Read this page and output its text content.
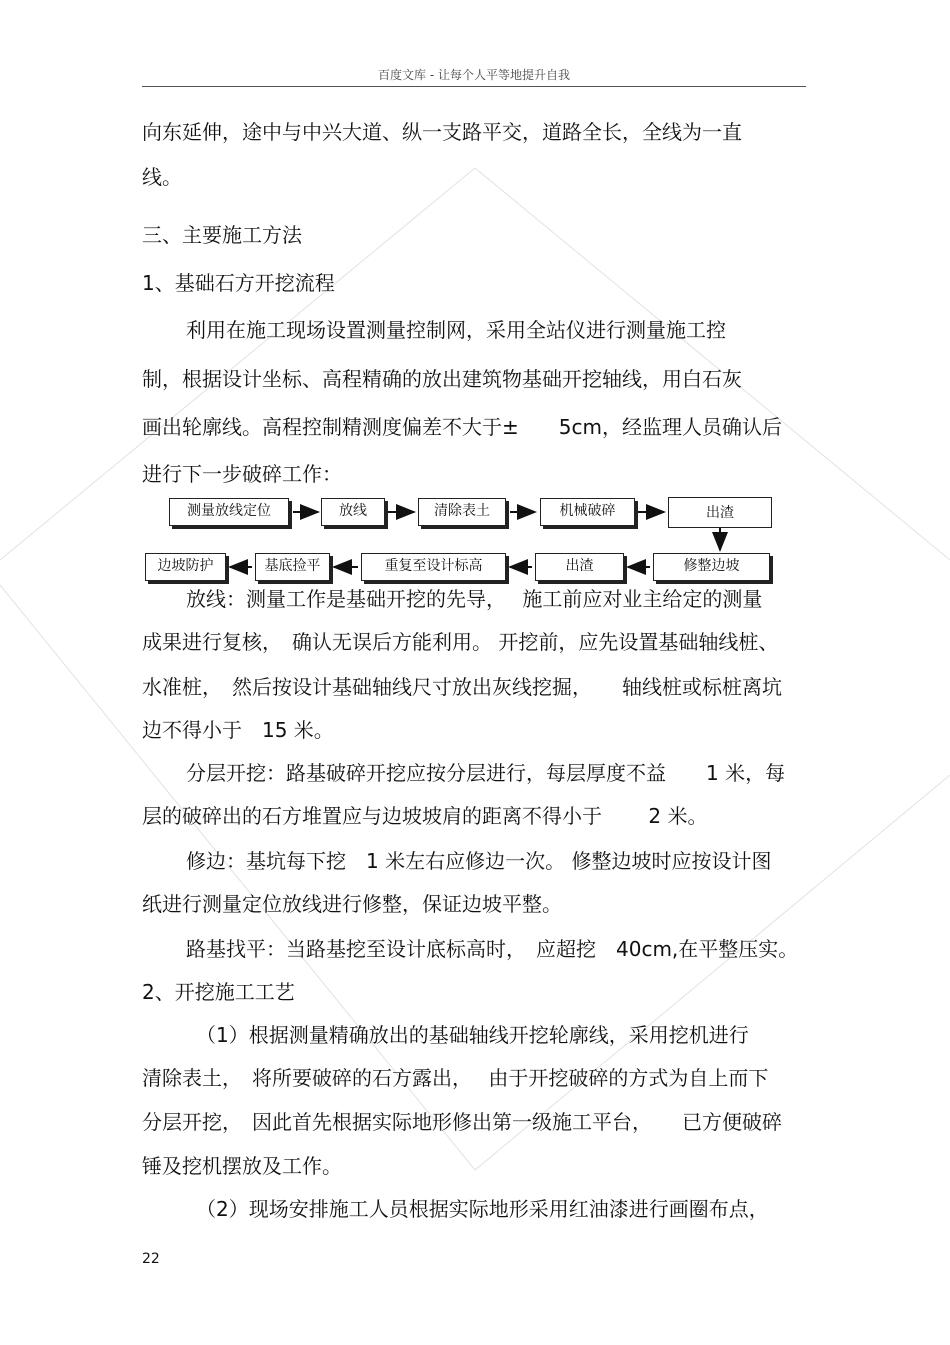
百度文库 - 让每个人平等地提升自我
向东延伸，途中与中兴大道、纵一支路平交，道路全长，全线为一直
线。
三、主要施工方法
1、基础石方开挖流程
利用在施工现场设置测量控制网，采用全站仪进行测量施工控
制，根据设计坐标、高程精确的放出建筑物基础开挖轴线，用白石灰
画出轮廓线。高程控制精测度偏差不大于±　　5cm，经监理人员确认后
进行下一步破碎工作：
测量放线定位	放线	清除表土	机械破碎	出渣
边坡防护	基底捡平	重复至设计标高	出渣	修整边坡
放线：测量工作是基础开挖的先导，　 施工前应对业主给定的测量
成果进行复核，　确认无误后方能利用。 开挖前，应先设置基础轴线桩、
水准桩，　然后按设计基础轴线尺寸放出灰线挖掘，　　轴线桩或标桩离坑
边不得小于　15 米。
分层开挖：路基破碎开挖应按分层进行，每层厚度不益　　1 米，每
层的破碎出的石方堆置应与边坡坡肩的距离不得小于　　 2 米。
修边：基坑每下挖　1 米左右应修边一次。 修整边坡时应按设计图
纸进行测量定位放线进行修整，保证边坡平整。
路基找平：当路基挖至设计底标高时，　应超挖　40cm,在平整压实。
2、开挖施工工艺
（1）根据测量精确放出的基础轴线开挖轮廓线，采用挖机进行
清除表土，　将所要破碎的石方露出，　 由于开挖破碎的方式为自上而下
分层开挖，　因此首先根据实际地形修出第一级施工平台，　　已方便破碎
锤及挖机摆放及工作。
（2）现场安排施工人员根据实际地形采用红油漆进行画圈布点，
22
